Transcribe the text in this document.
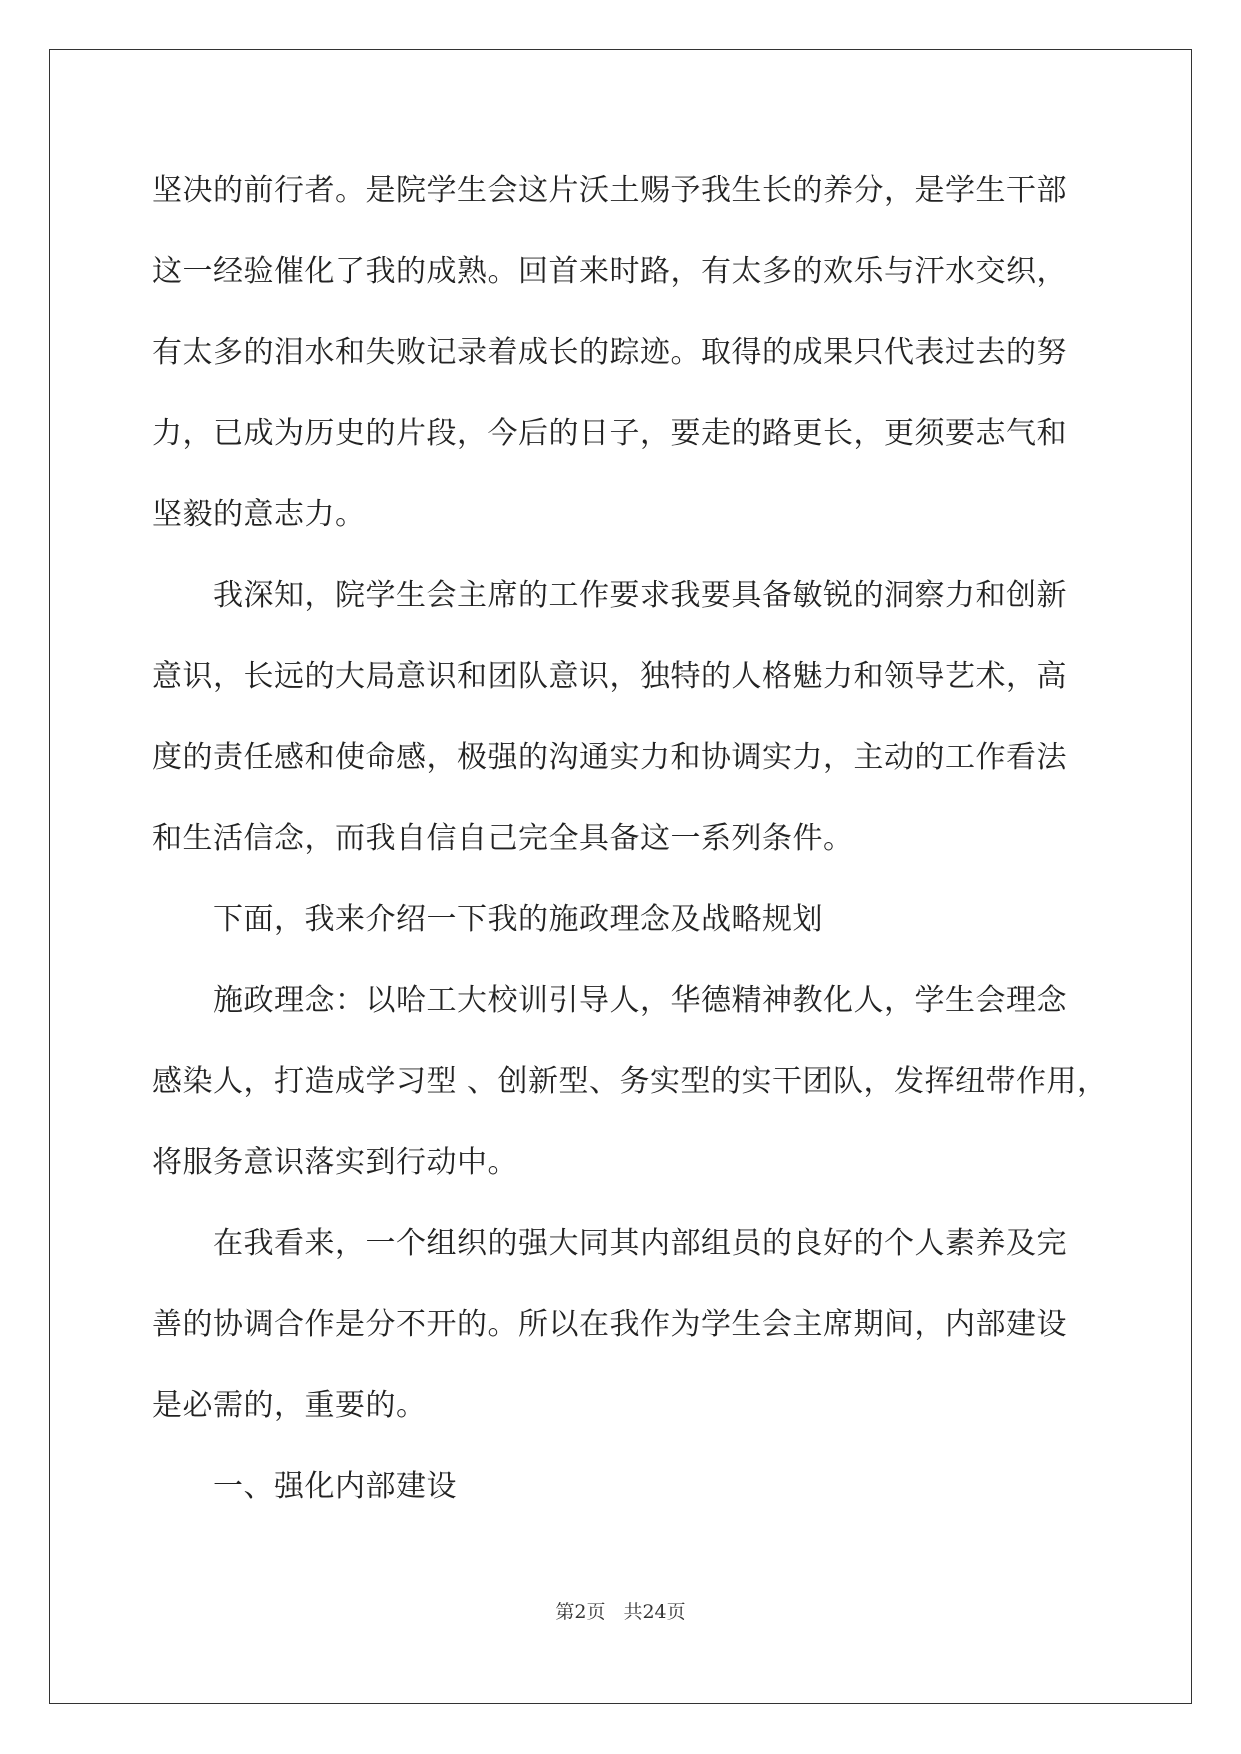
坚决的前行者。是院学生会这片沃土赐予我生长的养分，是学生干部
这一经验催化了我的成熟。回首来时路，有太多的欢乐与汗水交织，
有太多的泪水和失败记录着成长的踪迹。取得的成果只代表过去的努
力，已成为历史的片段，今后的日子，要走的路更长，更须要志气和
坚毅的意志力。
　　我深知，院学生会主席的工作要求我要具备敏锐的洞察力和创新
意识，长远的大局意识和团队意识，独特的人格魅力和领导艺术，高
度的责任感和使命感，极强的沟通实力和协调实力，主动的工作看法
和生活信念，而我自信自己完全具备这一系列条件。
　　下面，我来介绍一下我的施政理念及战略规划
　　施政理念：以哈工大校训引导人，华德精神教化人，学生会理念
感染人，打造成学习型 、创新型、务实型的实干团队，发挥纽带作用，
将服务意识落实到行动中。
　　在我看来，一个组织的强大同其内部组员的良好的个人素养及完
善的协调合作是分不开的。所以在我作为学生会主席期间，内部建设
是必需的，重要的。
　　一、强化内部建设
第2页 共24页
